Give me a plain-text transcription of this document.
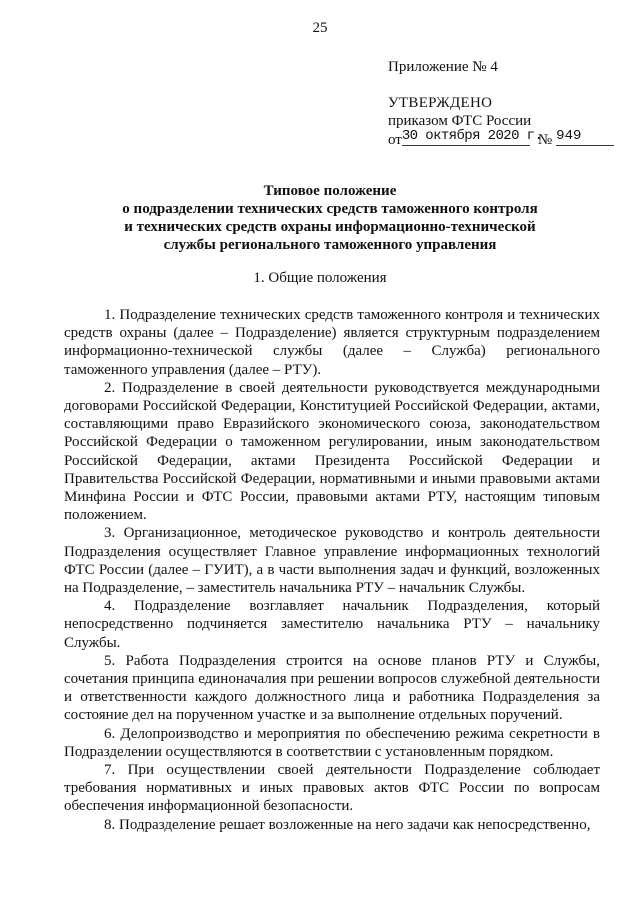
25
Приложение № 4
УТВЕРЖДЕНО
приказом ФТС России
от 30 октября 2020 г.
№ 949
Типовое положение
о подразделении технических средств таможенного контроля
и технических средств охраны информационно-технической
службы регионального таможенного управления
1. Общие положения

1. Подразделение технических средств таможенного контроля и технических средств охраны (далее – Подразделение) является структурным подразделением информационно-технической службы (далее – Служба) регионального таможенного управления (далее – РТУ).

2. Подразделение в своей деятельности руководствуется международными договорами Российской Федерации, Конституцией Российской Федерации, актами, составляющими право Евразийского экономического союза, законодательством Российской Федерации о таможенном регулировании, иным законодательством Российской Федерации, актами Президента Российской Федерации и Правительства Российской Федерации, нормативными и иными правовыми актами Минфина России и ФТС России, правовыми актами РТУ, настоящим типовым положением.

3. Организационное, методическое руководство и контроль деятельности Подразделения осуществляет Главное управление информационных технологий ФТС России (далее – ГУИТ), а в части выполнения задач и функций, возложенных на Подразделение, – заместитель начальника РТУ – начальник Службы.

4. Подразделение возглавляет начальник Подразделения, который непосредственно подчиняется заместителю начальника РТУ – начальнику Службы.

5. Работа Подразделения строится на основе планов РТУ и Службы, сочетания принципа единоначалия при решении вопросов служебной деятельности и ответственности каждого должностного лица и работника Подразделения за состояние дел на порученном участке и за выполнение отдельных поручений.

6. Делопроизводство и мероприятия по обеспечению режима секретности в Подразделении осуществляются в соответствии с установленным порядком.

7. При осуществлении своей деятельности Подразделение соблюдает требования нормативных и иных правовых актов ФТС России по вопросам обеспечения информационной безопасности.

8. Подразделение решает возложенные на него задачи как непосредственно,
